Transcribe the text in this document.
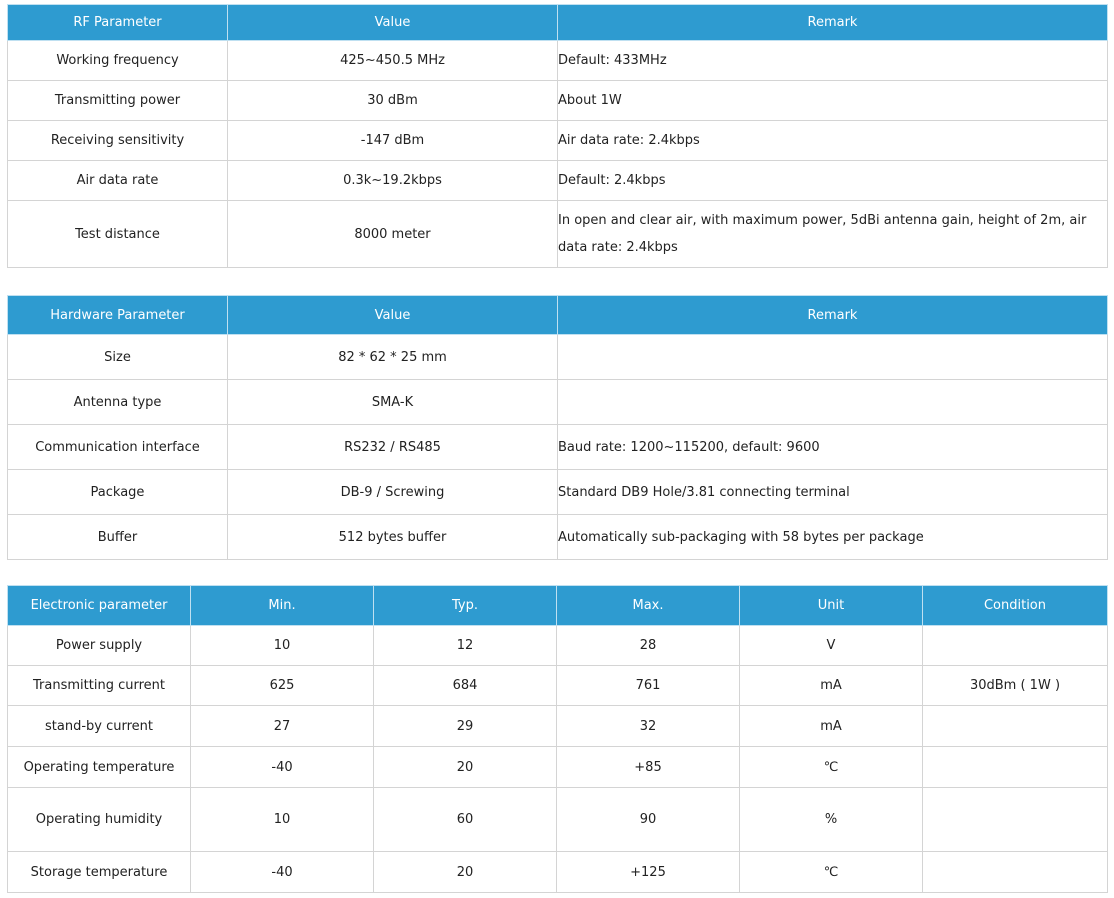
RF Parameter	Value	Remark
Working frequency	425~450.5 MHz	Default: 433MHz
Transmitting power	30 dBm	About 1W
Receiving sensitivity	-147 dBm	Air data rate: 2.4kbps
Air data rate	0.3k~19.2kbps	Default: 2.4kbps
Test distance	8000 meter	In open and clear air, with maximum power, 5dBi antenna gain, height of 2m, air data rate: 2.4kbps
Hardware Parameter	Value	Remark
Size	82 * 62 * 25 mm	
Antenna type	SMA-K	
Communication interface	RS232 / RS485	Baud rate: 1200~115200, default: 9600
Package	DB-9 / Screwing	Standard DB9 Hole/3.81 connecting terminal
Buffer	512 bytes buffer	Automatically sub-packaging with 58 bytes per package
Electronic parameter	Min.	Typ.	Max.	Unit	Condition
Power supply	10	12	28	V	
Transmitting current	625	684	761	mA	30dBm ( 1W )
stand-by current	27	29	32	mA	
Operating temperature	-40	20	+85	℃	
Operating humidity	10	60	90	%	
Storage temperature	-40	20	+125	℃	
